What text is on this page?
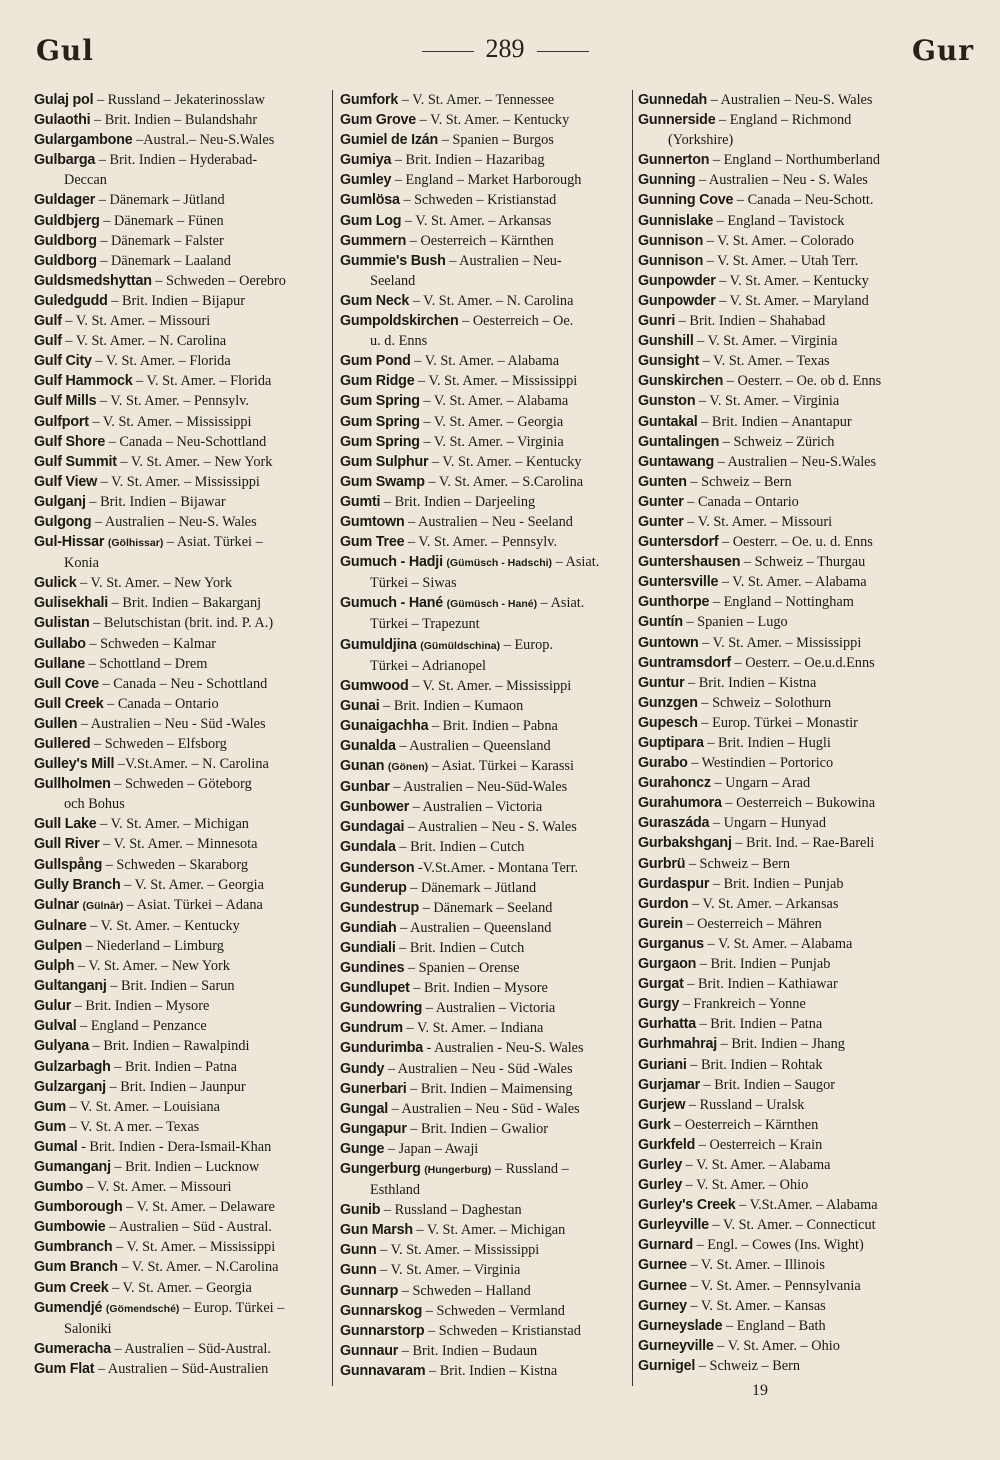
Gul	289	Gur
Gulaj pol – Russland – Jekaterinosslaw
Gulaothi – Brit. Indien – Bulandshahr
Gulargambone –Austral.– Neu-S.Wales
Gulbarga – Brit. Indien – Hyderabad-
Deccan
Guldager – Dänemark – Jütland
Guldbjerg – Dänemark – Fünen
Guldborg – Dänemark – Falster
Guldborg – Dänemark – Laaland
Guldsmedshyttan – Schweden – Oerebro
Guledgudd – Brit. Indien – Bijapur
Gulf – V. St. Amer. – Missouri
Gulf – V. St. Amer. – N. Carolina
Gulf City – V. St. Amer. – Florida
Gulf Hammock – V. St. Amer. – Florida
Gulf Mills – V. St. Amer. – Pennsylv.
Gulfport – V. St. Amer. – Mississippi
Gulf Shore – Canada – Neu-Schottland
Gulf Summit – V. St. Amer. – New York
Gulf View – V. St. Amer. – Mississippi
Gulganj – Brit. Indien – Bijawar
Gulgong – Australien – Neu-S. Wales
Gul-Hissar (Gölhissar) – Asiat. Türkei –
Konia
Gulick – V. St. Amer. – New York
Gulisekhali – Brit. Indien – Bakarganj
Gulistan – Belutschistan (brit. ind. P. A.)
Gullabo – Schweden – Kalmar
Gullane – Schottland – Drem
Gull Cove – Canada – Neu - Schottland
Gull Creek – Canada – Ontario
Gullen – Australien – Neu - Süd -Wales
Gullered – Schweden – Elfsborg
Gulley's Mill –V.St.Amer. – N. Carolina
Gullholmen – Schweden – Göteborg
och Bohus
Gull Lake – V. St. Amer. – Michigan
Gull River – V. St. Amer. – Minnesota
Gullspång – Schweden – Skaraborg
Gully Branch – V. St. Amer. – Georgia
Gulnar (Gülnâr) – Asiat. Türkei – Adana
Gulnare – V. St. Amer. – Kentucky
Gulpen – Niederland – Limburg
Gulph – V. St. Amer. – New York
Gultanganj – Brit. Indien – Sarun
Gulur – Brit. Indien – Mysore
Gulval – England – Penzance
Gulyana – Brit. Indien – Rawalpindi
Gulzarbagh – Brit. Indien – Patna
Gulzarganj – Brit. Indien – Jaunpur
Gum – V. St. Amer. – Louisiana
Gum – V. St. A mer. – Texas
Gumal - Brit. Indien - Dera-Ismail-Khan
Gumanganj – Brit. Indien – Lucknow
Gumbo – V. St. Amer. – Missouri
Gumborough – V. St. Amer. – Delaware
Gumbowie – Australien – Süd - Austral.
Gumbranch – V. St. Amer. – Mississippi
Gum Branch – V. St. Amer. – N.Carolina
Gum Creek – V. St. Amer. – Georgia
Gumendjé (Gömendsché) – Europ. Türkei –
Saloniki
Gumeracha – Australien – Süd-Austral.
Gum Flat – Australien – Süd-Australien
Gumfork – V. St. Amer. – Tennessee
Gum Grove – V. St. Amer. – Kentucky
Gumiel de Izán – Spanien – Burgos
Gumiya – Brit. Indien – Hazaribag
Gumley – England – Market Harborough
Gumlösa – Schweden – Kristianstad
Gum Log – V. St. Amer. – Arkansas
Gummern – Oesterreich – Kärnthen
Gummie's Bush – Australien – Neu-
Seeland
Gum Neck – V. St. Amer. – N. Carolina
Gumpoldskirchen – Oesterreich – Oe.
u. d. Enns
Gum Pond – V. St. Amer. – Alabama
Gum Ridge – V. St. Amer. – Mississippi
Gum Spring – V. St. Amer. – Alabama
Gum Spring – V. St. Amer. – Georgia
Gum Spring – V. St. Amer. – Virginia
Gum Sulphur – V. St. Amer. – Kentucky
Gum Swamp – V. St. Amer. – S.Carolina
Gumti – Brit. Indien – Darjeeling
Gumtown – Australien – Neu - Seeland
Gum Tree – V. St. Amer. – Pennsylv.
Gumuch - Hadji (Gümüsch - Hadschi) – Asiat.
Türkei – Siwas
Gumuch - Hané (Gümüsch - Hané) – Asiat.
Türkei – Trapezunt
Gumuldjina (Gümüldschina) – Europ.
Türkei – Adrianopel
Gumwood – V. St. Amer. – Mississippi
Gunai – Brit. Indien – Kumaon
Gunaigachha – Brit. Indien – Pabna
Gunalda – Australien – Queensland
Gunan (Gönen) – Asiat. Türkei – Karassi
Gunbar – Australien – Neu-Süd-Wales
Gunbower – Australien – Victoria
Gundagai – Australien – Neu - S. Wales
Gundala – Brit. Indien – Cutch
Gunderson -V.St.Amer. - Montana Terr.
Gunderup – Dänemark – Jütland
Gundestrup – Dänemark – Seeland
Gundiah – Australien – Queensland
Gundiali – Brit. Indien – Cutch
Gundines – Spanien – Orense
Gundlupet – Brit. Indien – Mysore
Gundowring – Australien – Victoria
Gundrum – V. St. Amer. – Indiana
Gundurimba - Australien - Neu-S. Wales
Gundy – Australien – Neu - Süd -Wales
Gunerbari – Brit. Indien – Maimensing
Gungal – Australien – Neu - Süd - Wales
Gungapur – Brit. Indien – Gwalior
Gunge – Japan – Awaji
Gungerburg (Hungerburg) – Russland –
Esthland
Gunib – Russland – Daghestan
Gun Marsh – V. St. Amer. – Michigan
Gunn – V. St. Amer. – Mississippi
Gunn – V. St. Amer. – Virginia
Gunnarp – Schweden – Halland
Gunnarskog – Schweden – Vermland
Gunnarstorp – Schweden – Kristianstad
Gunnaur – Brit. Indien – Budaun
Gunnavaram – Brit. Indien – Kistna
Gunnedah – Australien – Neu-S. Wales
Gunnerside – England – Richmond
(Yorkshire)
Gunnerton – England – Northumberland
Gunning – Australien – Neu - S. Wales
Gunning Cove – Canada – Neu-Schott.
Gunnislake – England – Tavistock
Gunnison – V. St. Amer. – Colorado
Gunnison – V. St. Amer. – Utah Terr.
Gunpowder – V. St. Amer. – Kentucky
Gunpowder – V. St. Amer. – Maryland
Gunri – Brit. Indien – Shahabad
Gunshill – V. St. Amer. – Virginia
Gunsight – V. St. Amer. – Texas
Gunskirchen – Oesterr. – Oe. ob d. Enns
Gunston – V. St. Amer. – Virginia
Guntakal – Brit. Indien – Anantapur
Guntalingen – Schweiz – Zürich
Guntawang – Australien – Neu-S.Wales
Gunten – Schweiz – Bern
Gunter – Canada – Ontario
Gunter – V. St. Amer. – Missouri
Guntersdorf – Oesterr. – Oe. u. d. Enns
Guntershausen – Schweiz – Thurgau
Guntersville – V. St. Amer. – Alabama
Gunthorpe – England – Nottingham
Guntín – Spanien – Lugo
Guntown – V. St. Amer. – Mississippi
Guntramsdorf – Oesterr. – Oe.u.d.Enns
Guntur – Brit. Indien – Kistna
Gunzgen – Schweiz – Solothurn
Gupesch – Europ. Türkei – Monastir
Guptipara – Brit. Indien – Hugli
Gurabo – Westindien – Portorico
Gurahoncz – Ungarn – Arad
Gurahumora – Oesterreich – Bukowina
Guraszáda – Ungarn – Hunyad
Gurbakshganj – Brit. Ind. – Rae-Bareli
Gurbrü – Schweiz – Bern
Gurdaspur – Brit. Indien – Punjab
Gurdon – V. St. Amer. – Arkansas
Gurein – Oesterreich – Mähren
Gurganus – V. St. Amer. – Alabama
Gurgaon – Brit. Indien – Punjab
Gurgat – Brit. Indien – Kathiawar
Gurgy – Frankreich – Yonne
Gurhatta – Brit. Indien – Patna
Gurhmahraj – Brit. Indien – Jhang
Guriani – Brit. Indien – Rohtak
Gurjamar – Brit. Indien – Saugor
Gurjew – Russland – Uralsk
Gurk – Oesterreich – Kärnthen
Gurkfeld – Oesterreich – Krain
Gurley – V. St. Amer. – Alabama
Gurley – V. St. Amer. – Ohio
Gurley's Creek – V.St.Amer. – Alabama
Gurleyville – V. St. Amer. – Connecticut
Gurnard – Engl. – Cowes (Ins. Wight)
Gurnee – V. St. Amer. – Illinois
Gurnee – V. St. Amer. – Pennsylvania
Gurney – V. St. Amer. – Kansas
Gurneyslade – England – Bath
Gurneyville – V. St. Amer. – Ohio
Gurnigel – Schweiz – Bern
19
